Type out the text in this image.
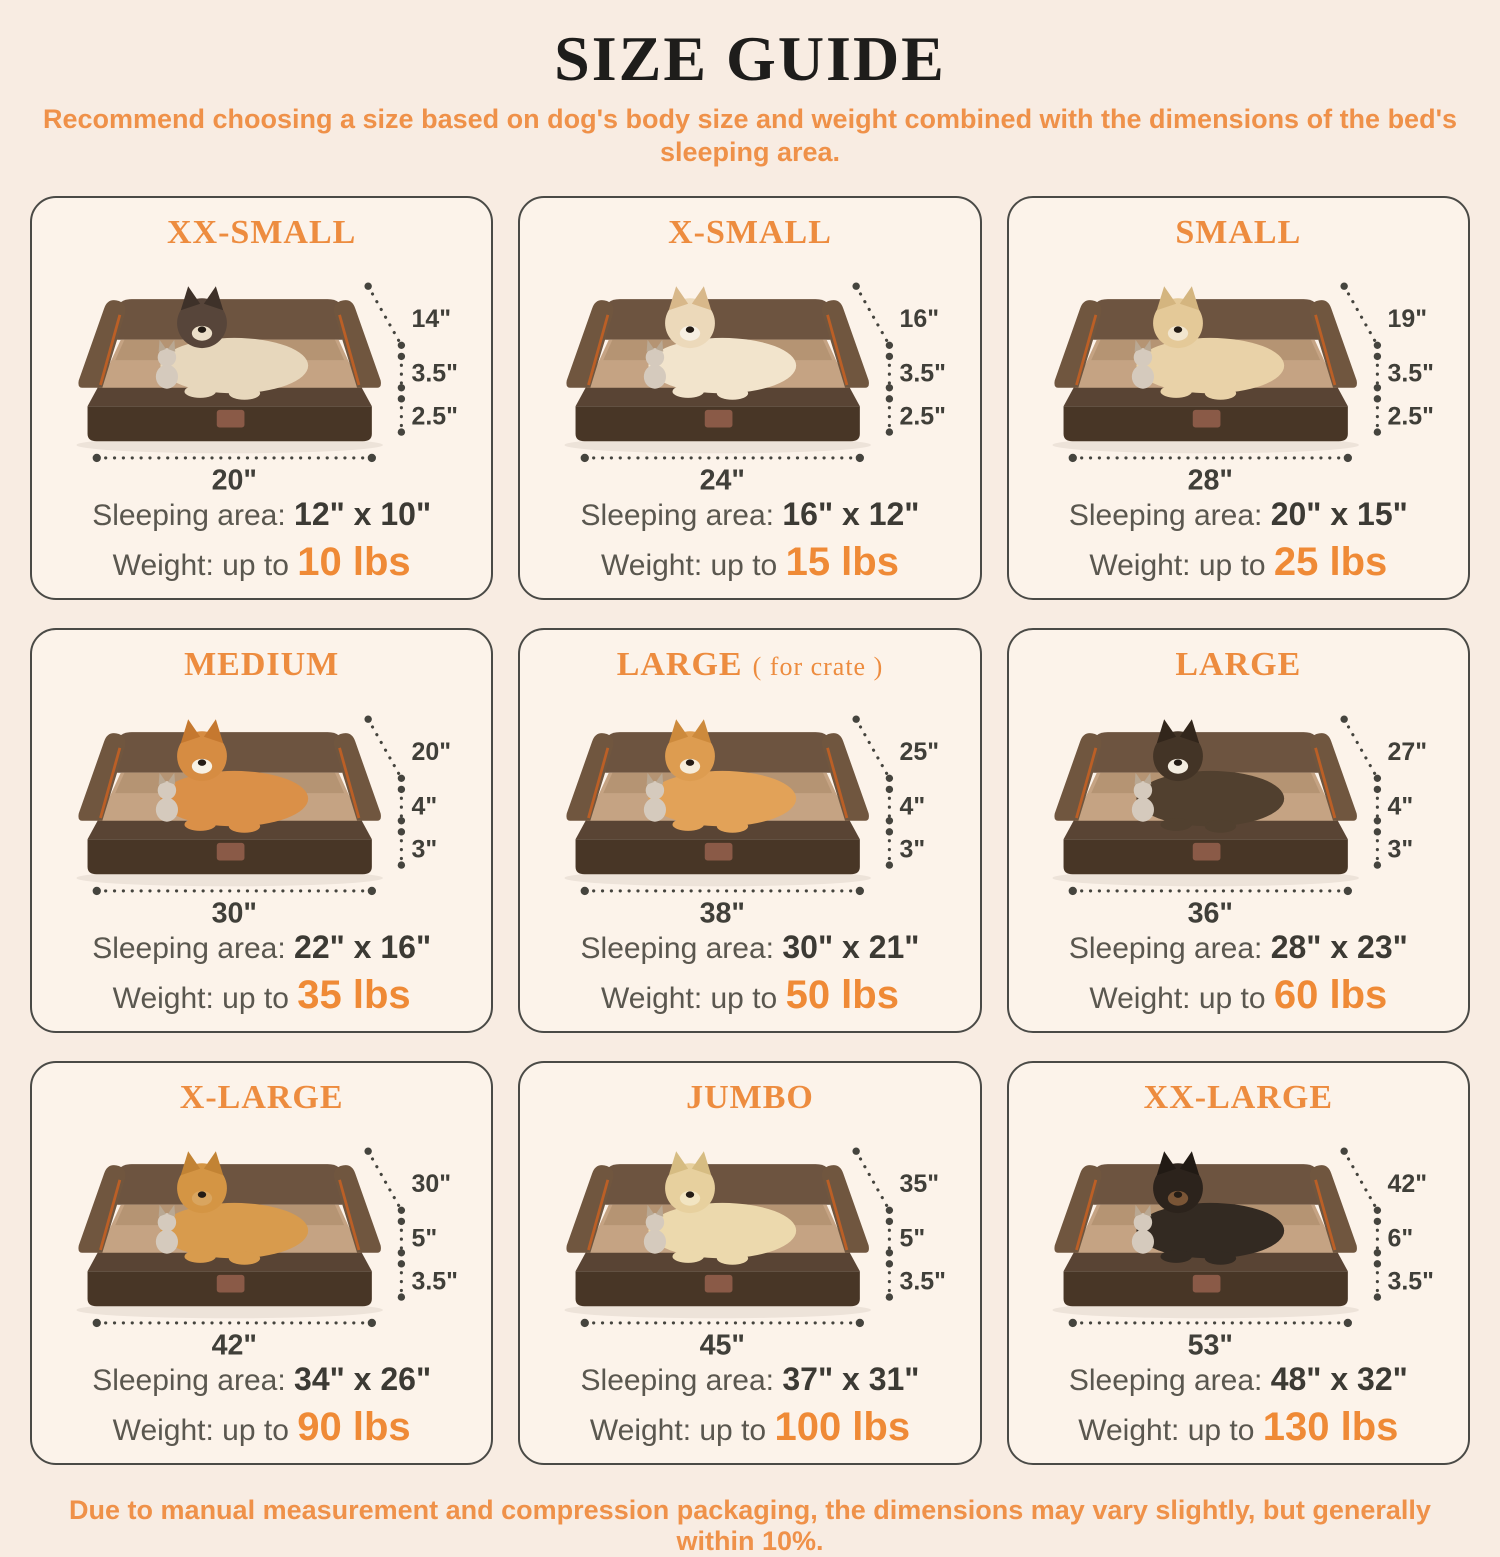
SIZE GUIDE

Recommend choosing a size based on dog's body size and weight combined with the dimensions of the bed's sleeping area.

XX-SMALL
14"
3.5"
2.5"
20"
Sleeping area: 12" x 10"
Weight: up to 10 lbs
X-SMALL
16"
3.5"
2.5"
24"
Sleeping area: 16" x 12"
Weight: up to 15 lbs
SMALL
19"
3.5"
2.5"
28"
Sleeping area: 20" x 15"
Weight: up to 25 lbs
MEDIUM
20"
4"
3"
30"
Sleeping area: 22" x 16"
Weight: up to 35 lbs
LARGE ( for crate )
25"
4"
3"
38"
Sleeping area: 30" x 21"
Weight: up to 50 lbs
LARGE
27"
4"
3"
36"
Sleeping area: 28" x 23"
Weight: up to 60 lbs
X-LARGE
30"
5"
3.5"
42"
Sleeping area: 34" x 26"
Weight: up to 90 lbs
JUMBO
35"
5"
3.5"
45"
Sleeping area: 37" x 31"
Weight: up to 100 lbs
XX-LARGE
42"
6"
3.5"
53"
Sleeping area: 48" x 32"
Weight: up to 130 lbs

Due to manual measurement and compression packaging, the dimensions may vary slightly, but generally within 10%.
